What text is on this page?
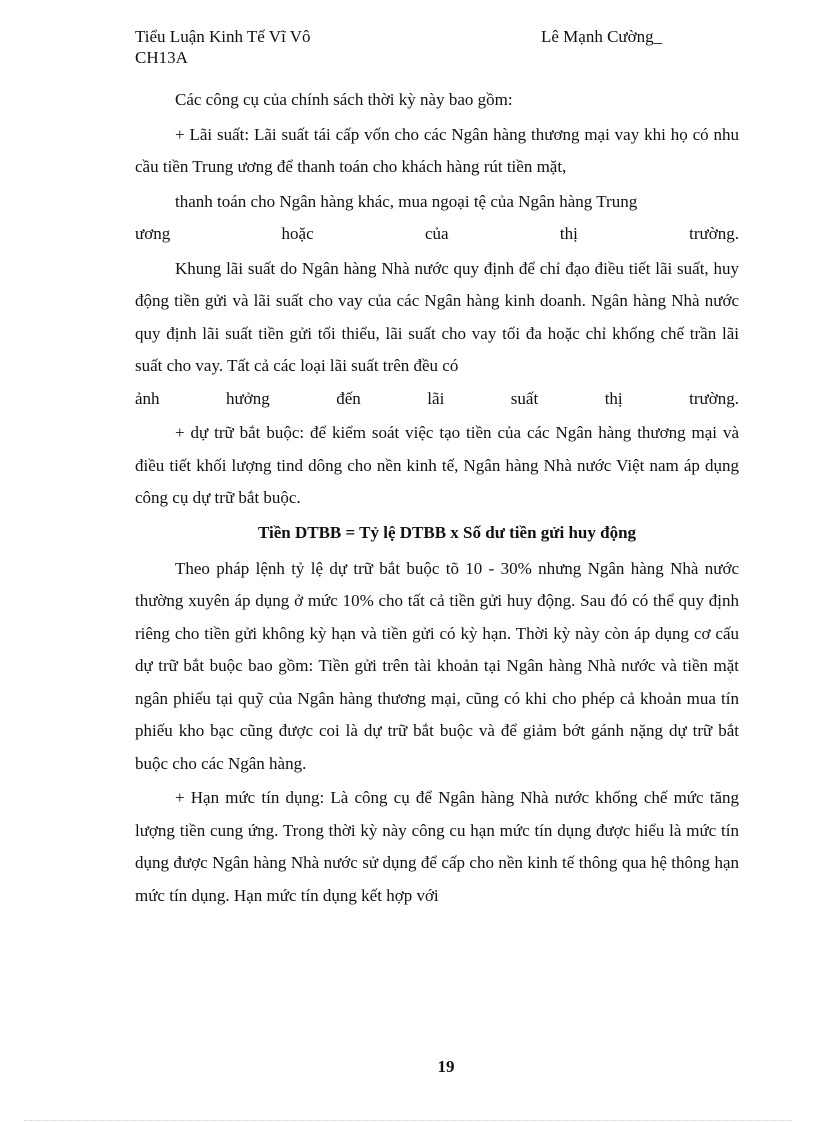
Tiểu Luận Kinh Tế Vĩ Vô
CH13A
Lê Mạnh Cường_

Các công cụ của chính sách thời kỳ này bao gồm:

+ Lãi suất: Lãi suất tái cấp vốn cho các Ngân hàng thương mại vay khi họ có nhu cầu tiền Trung ương để thanh toán cho khách hàng rút tiền mặt,

thanh toán cho Ngân hàng khác, mua ngoại tệ của Ngân hàng Trung

ương hoặc của thị trường.

Khung lãi suất do Ngân hàng Nhà nước quy định để chỉ đạo điều tiết lãi suất, huy động tiền gửi và lãi suất cho vay của các Ngân hàng kinh doanh. Ngân hàng Nhà nước quy định lãi suất tiền gửi tối thiểu, lãi suất cho vay tối đa hoặc chỉ khống chế trần lãi suất cho vay. Tất cả các loại lãi suất trên đều có

ảnh hưởng đến lãi suất thị trường.

+ dự trữ bắt buộc: để kiểm soát việc tạo tiền của các Ngân hàng thương mại và điều tiết khối lượng tind dông cho nền kinh tế, Ngân hàng Nhà nước Việt nam áp dụng công cụ dự trữ bắt buộc.

Tiền DTBB = Tỷ lệ DTBB x Số dư tiền gửi huy động

Theo pháp lệnh tỷ lệ dự trữ bắt buộc tõ 10 - 30% nhưng Ngân hàng Nhà nước thường xuyên áp dụng ở mức 10% cho tất cả tiền gửi huy động. Sau đó có thể quy định riêng cho tiền gửi không kỳ hạn và tiền gửi có kỳ hạn. Thời kỳ này còn áp dụng cơ cấu dự trữ bắt buộc bao gồm: Tiền gửi trên tài khoản tại Ngân hàng Nhà nước và tiền mặt ngân phiếu tại quỹ của Ngân hàng thương mại, cũng có khi cho phép cả khoản mua tín phiếu kho bạc cũng được coi là dự trữ bắt buộc và để giảm bớt gánh nặng dự trữ bắt buộc cho các Ngân hàng.

+ Hạn mức tín dụng: Là công cụ để Ngân hàng Nhà nước khống chế mức tăng lượng tiền cung ứng. Trong thời kỳ này công cu hạn mức tín dụng được hiểu là mức tín dụng được Ngân hàng Nhà nước sử dụng để cấp cho nền kinh tế thông qua hệ thông hạn mức tín dụng. Hạn mức tín dụng kết hợp với

19
